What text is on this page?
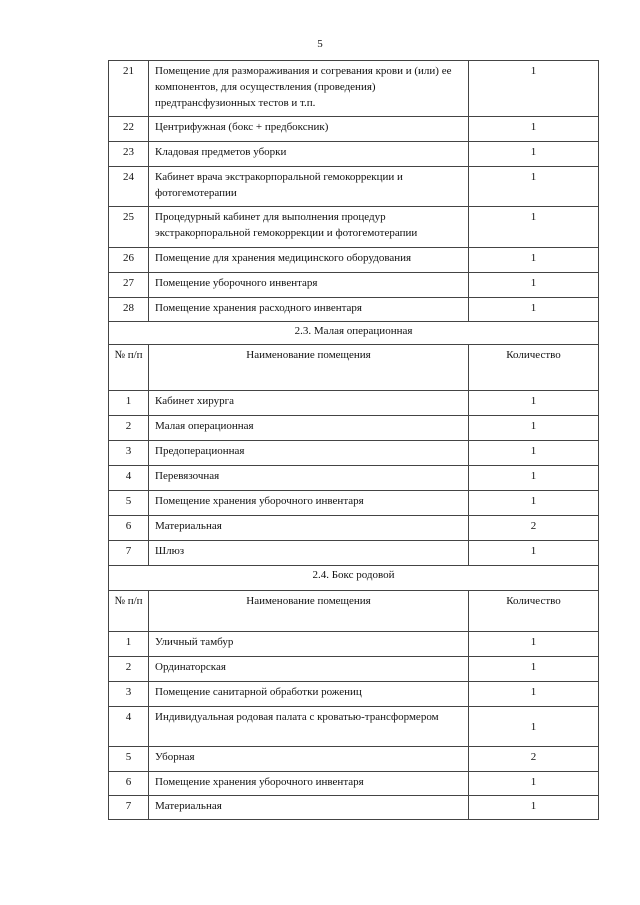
5
21	Помещение для размораживания и согревания крови и (или) ее компонентов, для осуществления (проведения) предтрансфузионных тестов и т.п.	1
22	Центрифужная (бокс + предбоксник)	1
23	Кладовая предметов уборки	1
24	Кабинет врача экстракорпоральной гемокоррекции и фотогемотерапии	1
25	Процедурный кабинет для выполнения процедур экстракорпоральной гемокоррекции и фотогемотерапии	1
26	Помещение для хранения медицинского оборудования	1
27	Помещение уборочного инвентаря	1
28	Помещение хранения расходного инвентаря	1
2.3. Малая операционная		
№ п/п	Наименование помещения	Количество
1	Кабинет хирурга	1
2	Малая операционная	1
3	Предоперационная	1
4	Перевязочная	1
5	Помещение хранения уборочного инвентаря	1
6	Материальная	2
7	Шлюз	1
2.4. Бокс родовой		
№ п/п	Наименование помещения	Количество
1	Уличный тамбур	1
2	Ординаторская	1
3	Помещение санитарной обработки рожениц	1
4	Индивидуальная родовая палата с кроватью-трансформером	1
5	Уборная	2
6	Помещение хранения уборочного инвентаря	1
7	Материальная	1
